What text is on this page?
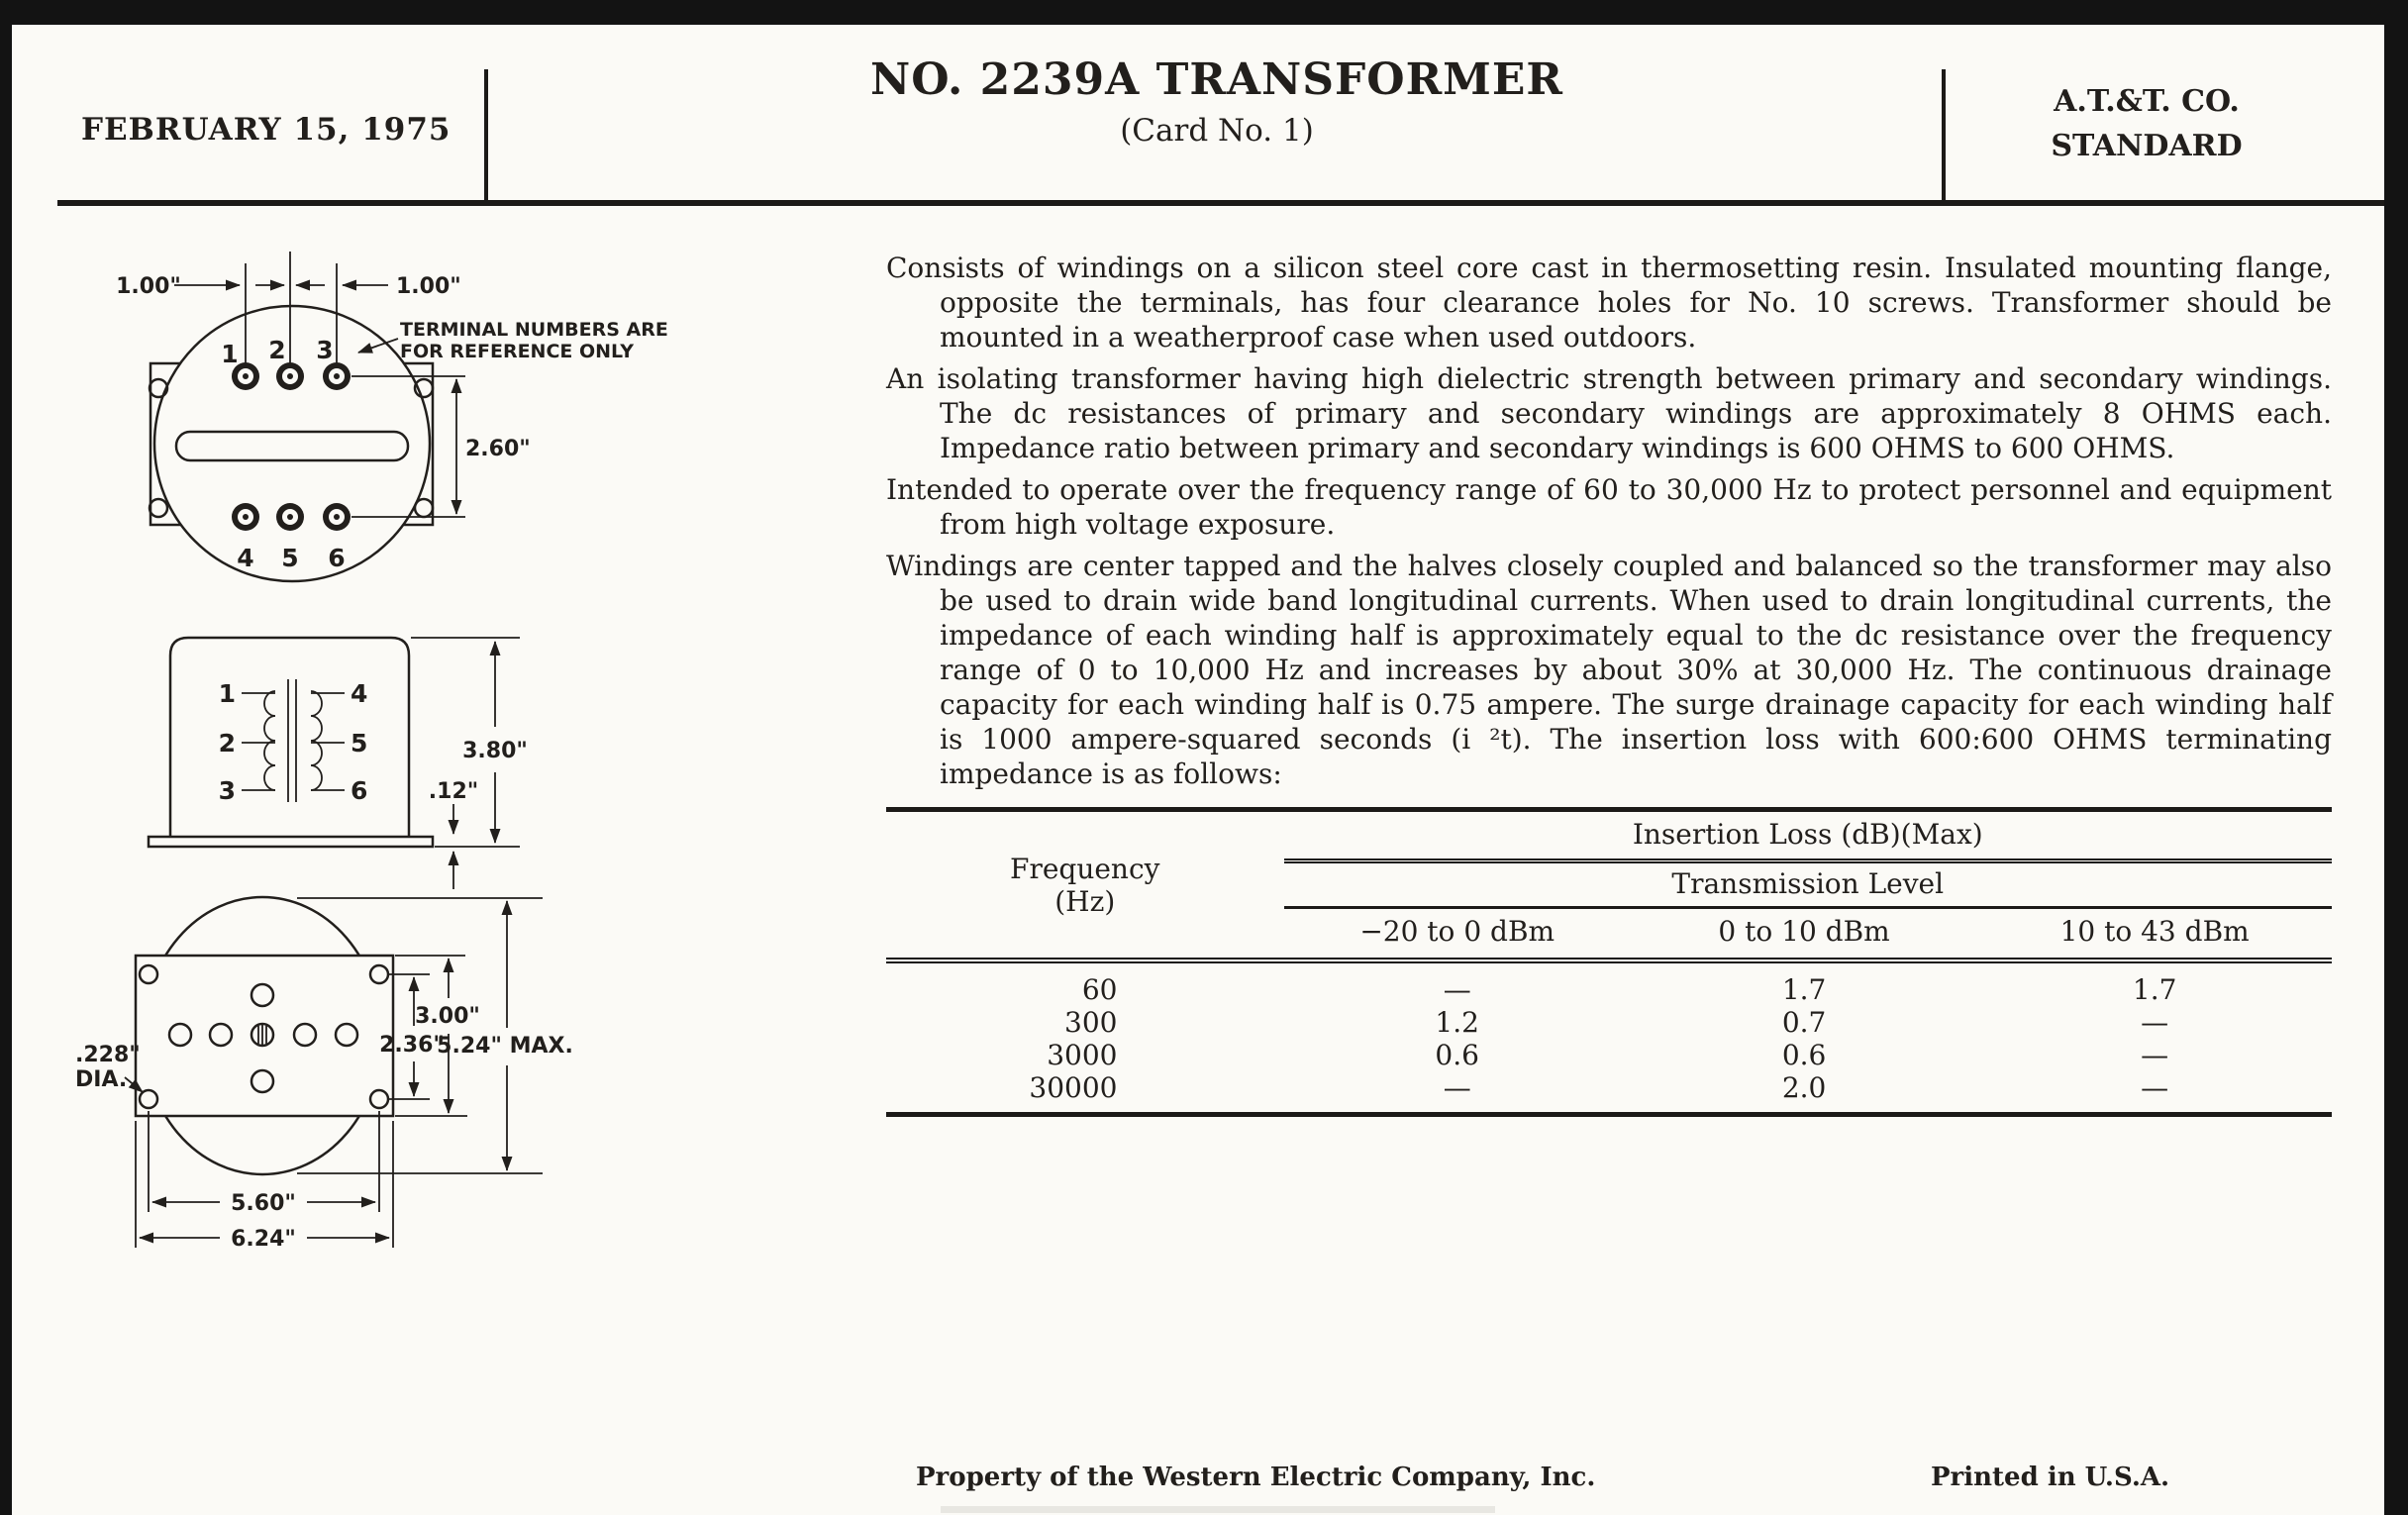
FEBRUARY 15, 1975
NO. 2239A TRANSFORMER
(Card No. 1)
A.T.&T. CO.
STANDARD
1 2 3
4 5 6
1.00"	1.00"
TERMINAL NUMBERS ARE
FOR REFERENCE ONLY
2.60"
1
2
3
4
5
6
3.80"
.12"
.228"
DIA.
2.36"
3.00"
5.24" MAX.
5.60"
6.24"

Consists of windings on a silicon steel core cast in thermosetting resin. Insulated mounting flange, opposite the terminals, has four clearance holes for No. 10 screws. Transformer should be mounted in a weatherproof case when used outdoors.

An isolating transformer having high dielectric strength between primary and secondary windings. The dc resistances of primary and secondary windings are approximately 8 OHMS each. Impedance ratio between primary and secondary windings is 600 OHMS to 600 OHMS.

Intended to operate over the frequency range of 60 to 30,000 Hz to protect personnel and equipment from high voltage exposure.

Windings are center tapped and the halves closely coupled and balanced so the transformer may also be used to drain wide band longitudinal currents. When used to drain longitudinal currents, the impedance of each winding half is approximately equal to the dc resistance over the frequency range of 0 to 10,000 Hz and increases by about 30% at 30,000 Hz. The continuous drainage capacity for each winding half is 0.75 ampere. The surge drainage capacity for each winding half is 1000 ampere-squared seconds (i ²t). The insertion loss with 600:600 OHMS terminating impedance is as follows:

Frequency
(Hz)	Insertion Loss (dB)(Max)		
	Transmission Level		
	−20 to 0 dBm	0 to 10 dBm	10 to 43 dBm
60	—	1.7	1.7
300	1.2	0.7	—
3000	0.6	0.6	—
30000	—	2.0	—
Property of the Western Electric Company, Inc.	Printed in U.S.A.
